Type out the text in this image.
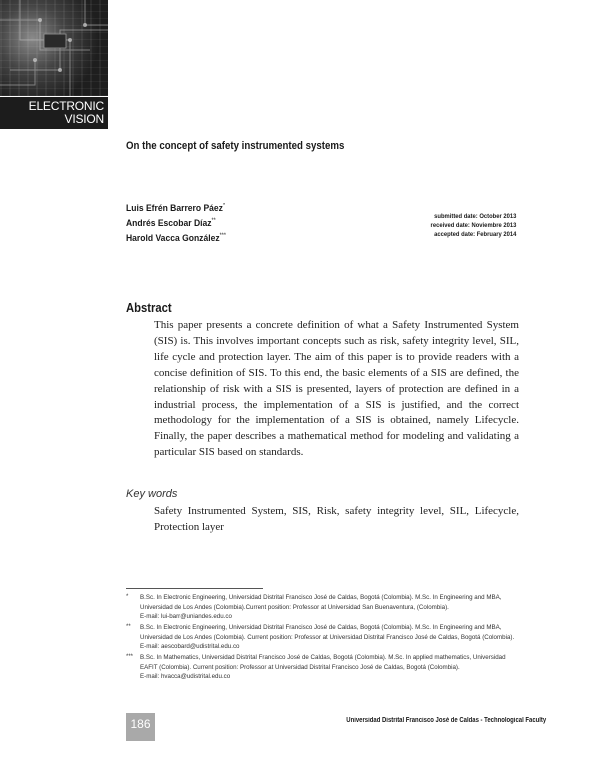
ELECTRONIC
VISION
On the concept of safety instrumented systems
Luis Efrén Barrero Páez*
Andrés Escobar Díaz**
Harold Vacca González***
submitted date: October 2013
received date: Noviembre 2013
accepted date: February 2014
Abstract
This paper presents a concrete definition of what a Safety Instrumented System (SIS) is. This involves important concepts such as risk, safety integrity level, SIL, life cycle and protection layer. The aim of this paper is to provide readers with a concise definition of SIS. To this end, the basic elements of a SIS are defined, the relationship of risk with a SIS is presented, layers of protection are defined in a industrial process, the implementation of a SIS is justified, and the correct methodology for the implementation of a SIS is obtained, namely Lifecycle. Finally, the paper describes a mathematical method for modeling and validating a particular SIS based on standards.
Key words
Safety Instrumented System, SIS, Risk, safety integrity level, SIL, Lifecycle, Protection layer
* B.Sc. In Electronic Engineering, Universidad Distrital Francisco José de Caldas, Bogotá (Colombia). M.Sc. In Engineering and MBA, Universidad de Los Andes (Colombia).Current position: Professor at Universidad San Buenaventura, (Colombia).
E-mail: lui-barr@uniandes.edu.co
** B.Sc. In Electronic Engineering, Universidad Distrital Francisco José de Caldas, Bogotá (Colombia). M.Sc. In Engineering and MBA, Universidad de Los Andes (Colombia). Current position: Professor at Universidad Distrital Francisco José de Caldas, Bogotá (Colombia).
E-mail: aescobard@udistrital.edu.co
*** B.Sc. In Mathematics, Universidad Distrital Francisco José de Caldas, Bogotá (Colombia). M.Sc. In applied mathematics, Universidad EAFIT (Colombia). Current position: Professor at Universidad Distrital Francisco José de Caldas, Bogotá (Colombia).
E-mail: hvacca@udistrital.edu.co
186	Universidad Distrital Francisco José de Caldas - Technological Faculty
